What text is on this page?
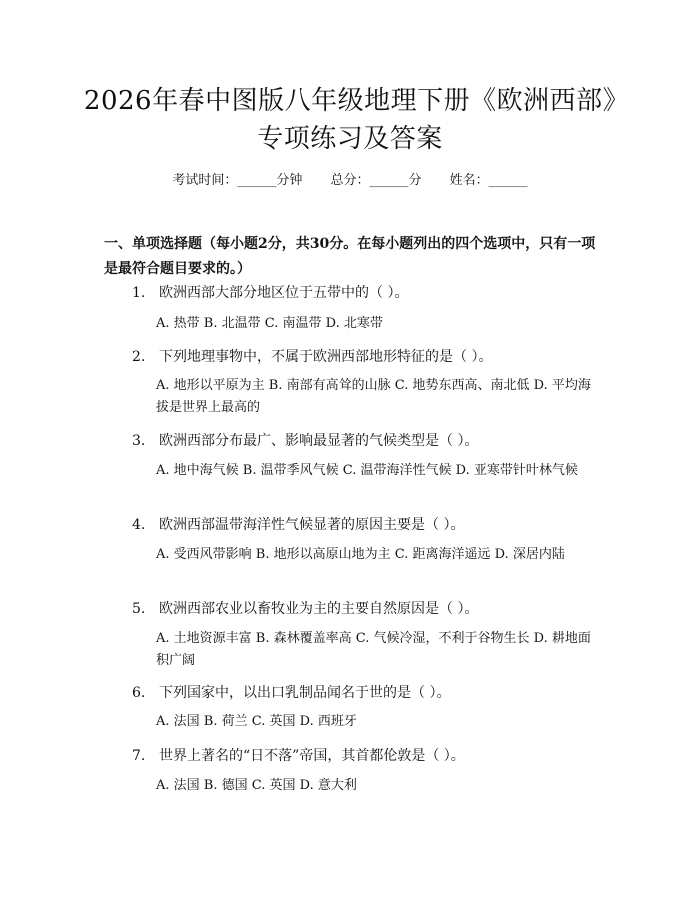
2026年春中图版八年级地理下册《欧洲西部》专项练习及答案
考试时间：______分钟 总分：______分 姓名：______
一、单项选择题（每小题2分，共30分。在每小题列出的四个选项中，只有一项是最符合题目要求的。）
1. 欧洲西部大部分地区位于五带中的（ ）。
A. 热带 B. 北温带 C. 南温带 D. 北寒带
2. 下列地理事物中，不属于欧洲西部地形特征的是（ ）。
A. 地形以平原为主 B. 南部有高耸的山脉 C. 地势东西高、南北低 D. 平均海拔是世界上最高的
3. 欧洲西部分布最广、影响最显著的气候类型是（ ）。
A. 地中海气候 B. 温带季风气候 C. 温带海洋性气候 D. 亚寒带针叶林气候
4. 欧洲西部温带海洋性气候显著的原因主要是（ ）。
A. 受西风带影响 B. 地形以高原山地为主 C. 距离海洋遥远 D. 深居内陆
5. 欧洲西部农业以畜牧业为主的主要自然原因是（ ）。
A. 土地资源丰富 B. 森林覆盖率高 C. 气候冷湿，不利于谷物生长 D. 耕地面积广阔
6. 下列国家中，以出口乳制品闻名于世的是（ ）。
A. 法国 B. 荷兰 C. 英国 D. 西班牙
7. 世界上著名的“日不落”帝国，其首都伦敦是（ ）。
A. 法国 B. 德国 C. 英国 D. 意大利
